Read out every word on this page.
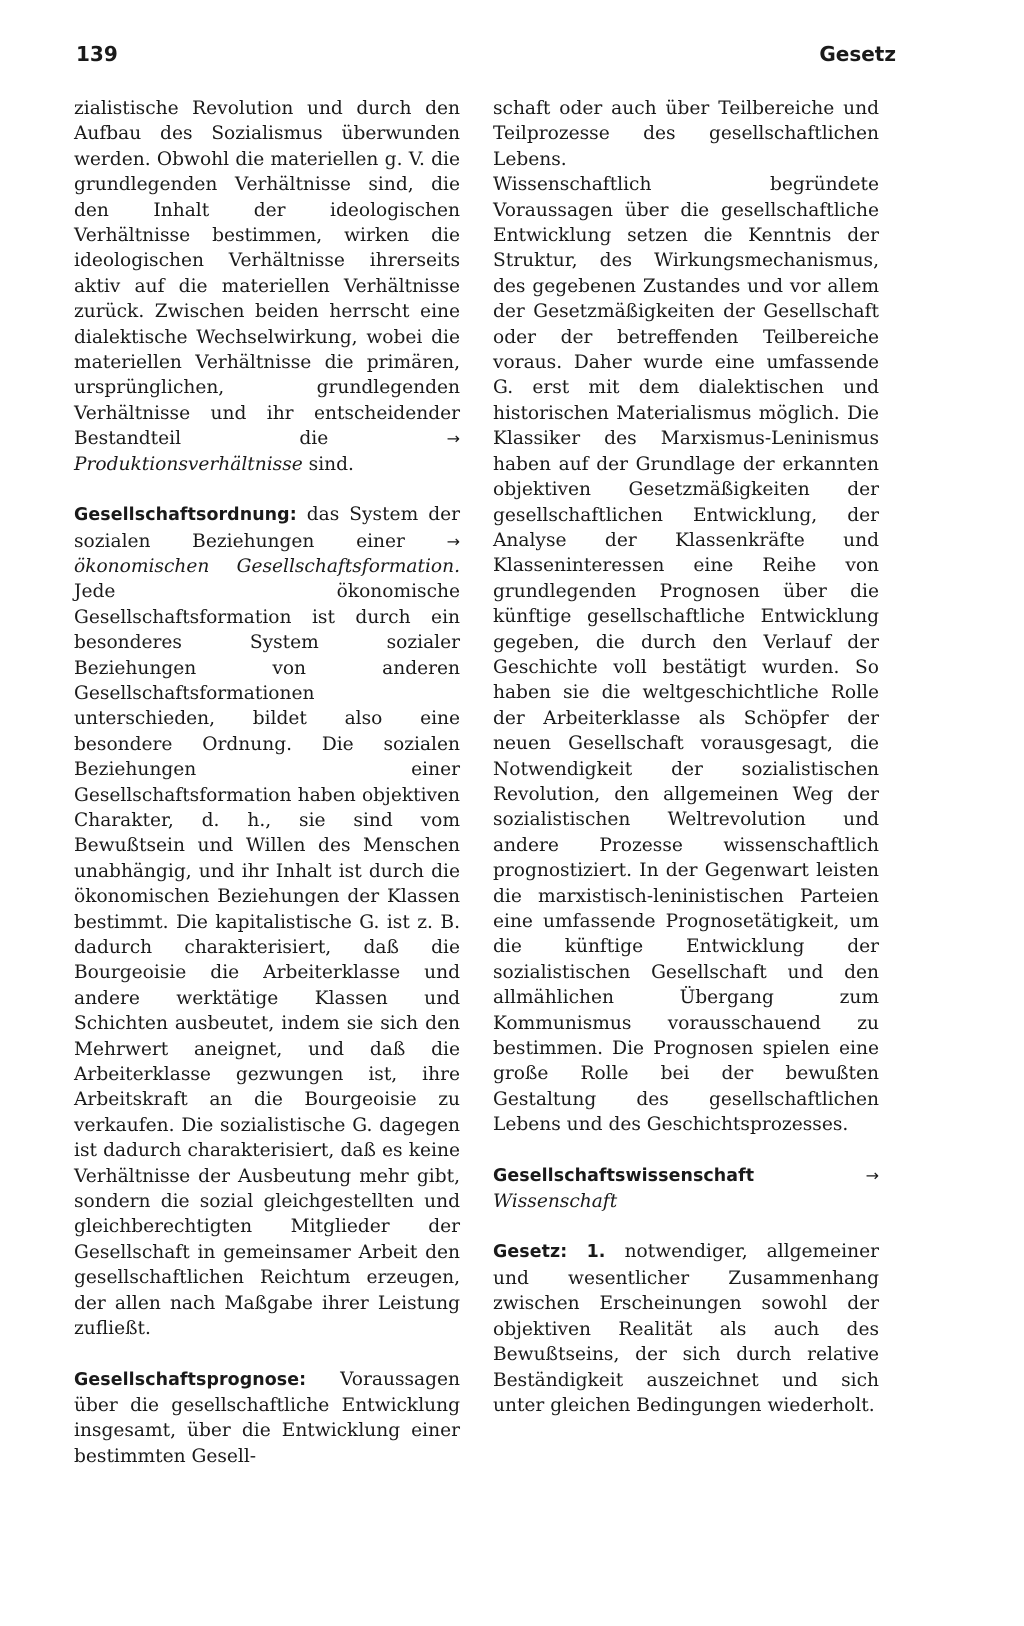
139	Gesetz

zialistische Revolution und durch den Aufbau des Sozialismus überwunden werden. Obwohl die materiellen g. V. die grundlegenden Verhältnisse sind, die den Inhalt der ideologischen Verhältnisse bestimmen, wirken die ideologischen Verhältnisse ihrerseits aktiv auf die materiellen Verhältnisse zurück. Zwischen beiden herrscht eine dialektische Wechselwirkung, wobei die materiellen Verhältnisse die primären, ursprünglichen, grundlegenden Verhältnisse und ihr entscheidender Bestandteil die	→ Produktionsverhältnisse sind.

Gesellschaftsordnung: das System der sozialen Beziehungen einer → ökonomischen Gesellschaftsformation. Jede ökonomische Gesellschaftsformation ist durch ein besonderes System sozialer Beziehungen von anderen Gesellschaftsformationen unterschieden, bildet also eine besondere Ordnung. Die sozialen Beziehungen einer Gesellschaftsformation haben objektiven Charakter, d. h., sie sind vom Bewußtsein und Willen des Menschen unabhängig, und ihr Inhalt ist durch die ökonomischen Beziehungen der Klassen bestimmt. Die kapitalistische G. ist z. B. dadurch charakterisiert, daß die Bourgeoisie die Arbeiterklasse und andere werktätige Klassen und Schichten ausbeutet, indem sie sich den Mehrwert aneignet, und daß die Arbeiterklasse gezwungen ist, ihre Arbeitskraft an die Bourgeoisie zu verkaufen. Die sozialistische G. dagegen ist dadurch charakterisiert, daß es keine Verhältnisse der Ausbeutung mehr gibt, sondern die sozial gleichgestellten und gleichberechtigten Mitglieder der Gesellschaft in gemeinsamer Arbeit den gesellschaftlichen Reichtum erzeugen, der allen nach Maßgabe ihrer Leistung zufließt.

Gesellschaftsprognose: Voraussagen über die gesellschaftliche Entwicklung insgesamt, über die Entwicklung einer bestimmten Gesell-

schaft oder auch über Teilbereiche und Teilprozesse des gesellschaftlichen Lebens.

Wissenschaftlich begründete Voraussagen über die gesellschaftliche Entwicklung setzen die Kenntnis der Struktur, des Wirkungsmechanismus, des gegebenen Zustandes und vor allem der Gesetzmäßigkeiten der Gesellschaft oder der betreffenden Teilbereiche voraus. Daher wurde eine umfassende G. erst mit dem dialektischen und historischen Materialismus möglich. Die Klassiker des Marxismus-Leninismus haben auf der Grundlage der erkannten objektiven Gesetzmäßigkeiten der gesellschaftlichen Entwicklung, der Analyse der Klassenkräfte und Klasseninteressen eine Reihe von grundlegenden Prognosen über die künftige gesellschaftliche Entwicklung gegeben, die durch den Verlauf der Geschichte voll bestätigt wurden. So haben sie die weltgeschichtliche Rolle der Arbeiterklasse als Schöpfer der neuen Gesellschaft vorausgesagt, die Notwendigkeit der sozialistischen Revolution, den allgemeinen Weg der sozialistischen Weltrevolution und andere Prozesse wissenschaftlich prognostiziert. In der Gegenwart leisten die marxistisch-leninistischen Parteien eine umfassende Prognosetätigkeit, um die künftige Entwicklung der sozialistischen Gesellschaft und den allmählichen Übergang zum Kommunismus vorausschauend zu bestimmen. Die Prognosen spielen eine große Rolle bei der bewußten Gestaltung des gesellschaftlichen Lebens und des Geschichtsprozesses.

Gesellschaftswissenschaft	→ Wissenschaft

Gesetz: 1. notwendiger, allgemeiner und wesentlicher Zusammenhang zwischen Erscheinungen sowohl der objektiven Realität als auch des Bewußtseins, der sich durch relative Beständigkeit auszeichnet und sich unter gleichen Bedingungen wiederholt.
